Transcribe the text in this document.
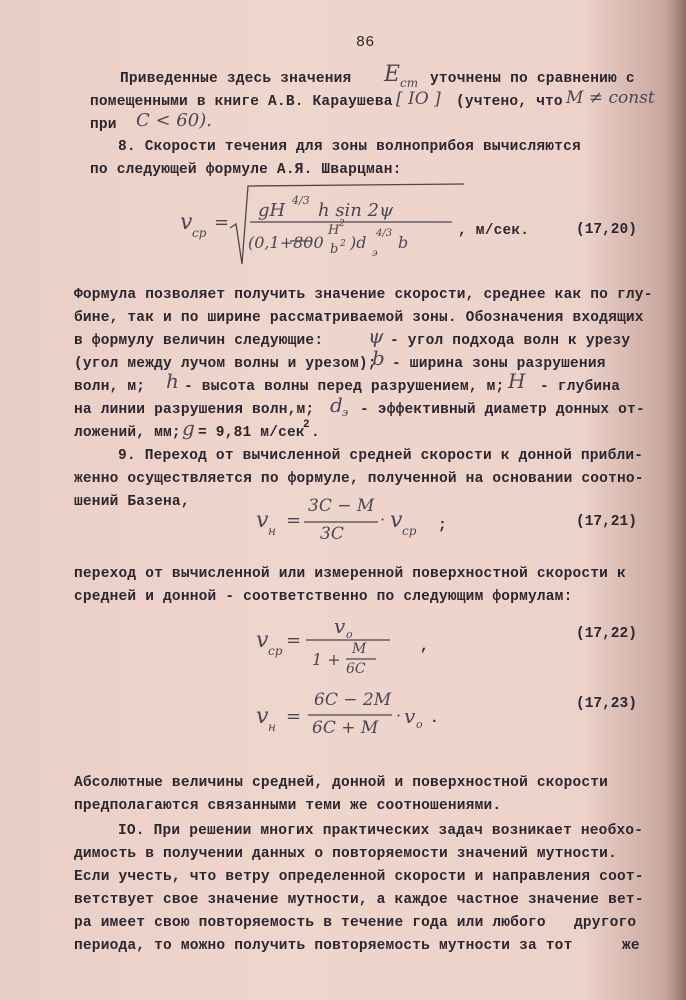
86
Приведенные здесь значения E cm уточнены по сравнению с
помещенными в книге А.В. Караушева [ IO ] (учтено, что M ≠ const
при C < 60).
8. Скорости течения для зоны волноприбоя вычисляются
по следующей формуле А.Я. Шварцман:
v cp =
gH 4/3 h sin 2ψ
(0,1+800
H 2
b 2 )d
э
4/3 b
, м/сек.	(17,20)
Формула позволяет получить значение скорости, среднее как по глу-
бине, так и по ширине рассматриваемой зоны. Обозначения входящих
в формулу величин следующие: ψ - угол подхода волн к урезу
(угол между лучом волны и урезом);
b - ширина зоны разрушения
волн, м; h - высота волны перед разрушением, м; H - глубина
на линии разрушения волн,м; d э - эффективный диаметр донных от-
ложений, мм; g = 9,81 м/сек
2 .
9. Переход от вычисленной средней скорости к донной прибли-
женно осуществляется по формуле, полученной на основании соотно-
шений Базена,
v н =
3C − M
3C
· v cp ;	(17,21)
переход от вычисленной или измеренной поверхностной скорости к
средней и донной - соответственно по следующим формулам:
v cp =
v o
1 +
M
6C
,
(17,22)
v н =
6C − 2M
6C + M
· v o .
(17,23)
Абсолютные величины средней, донной и поверхностной скорости
предполагаются связанными теми же соотношениями.
IO. При решении многих практических задач возникает необхо-
димость в получении данных о повторяемости значений мутности.
Если учесть, что ветру определенной скорости и направления соот-
ветствует свое значение мутности, а каждое частное значение вет-
ра имеет свою повторяемость в течение года или любого другого
периода, то можно получить повторяемость мутности за тот	же
